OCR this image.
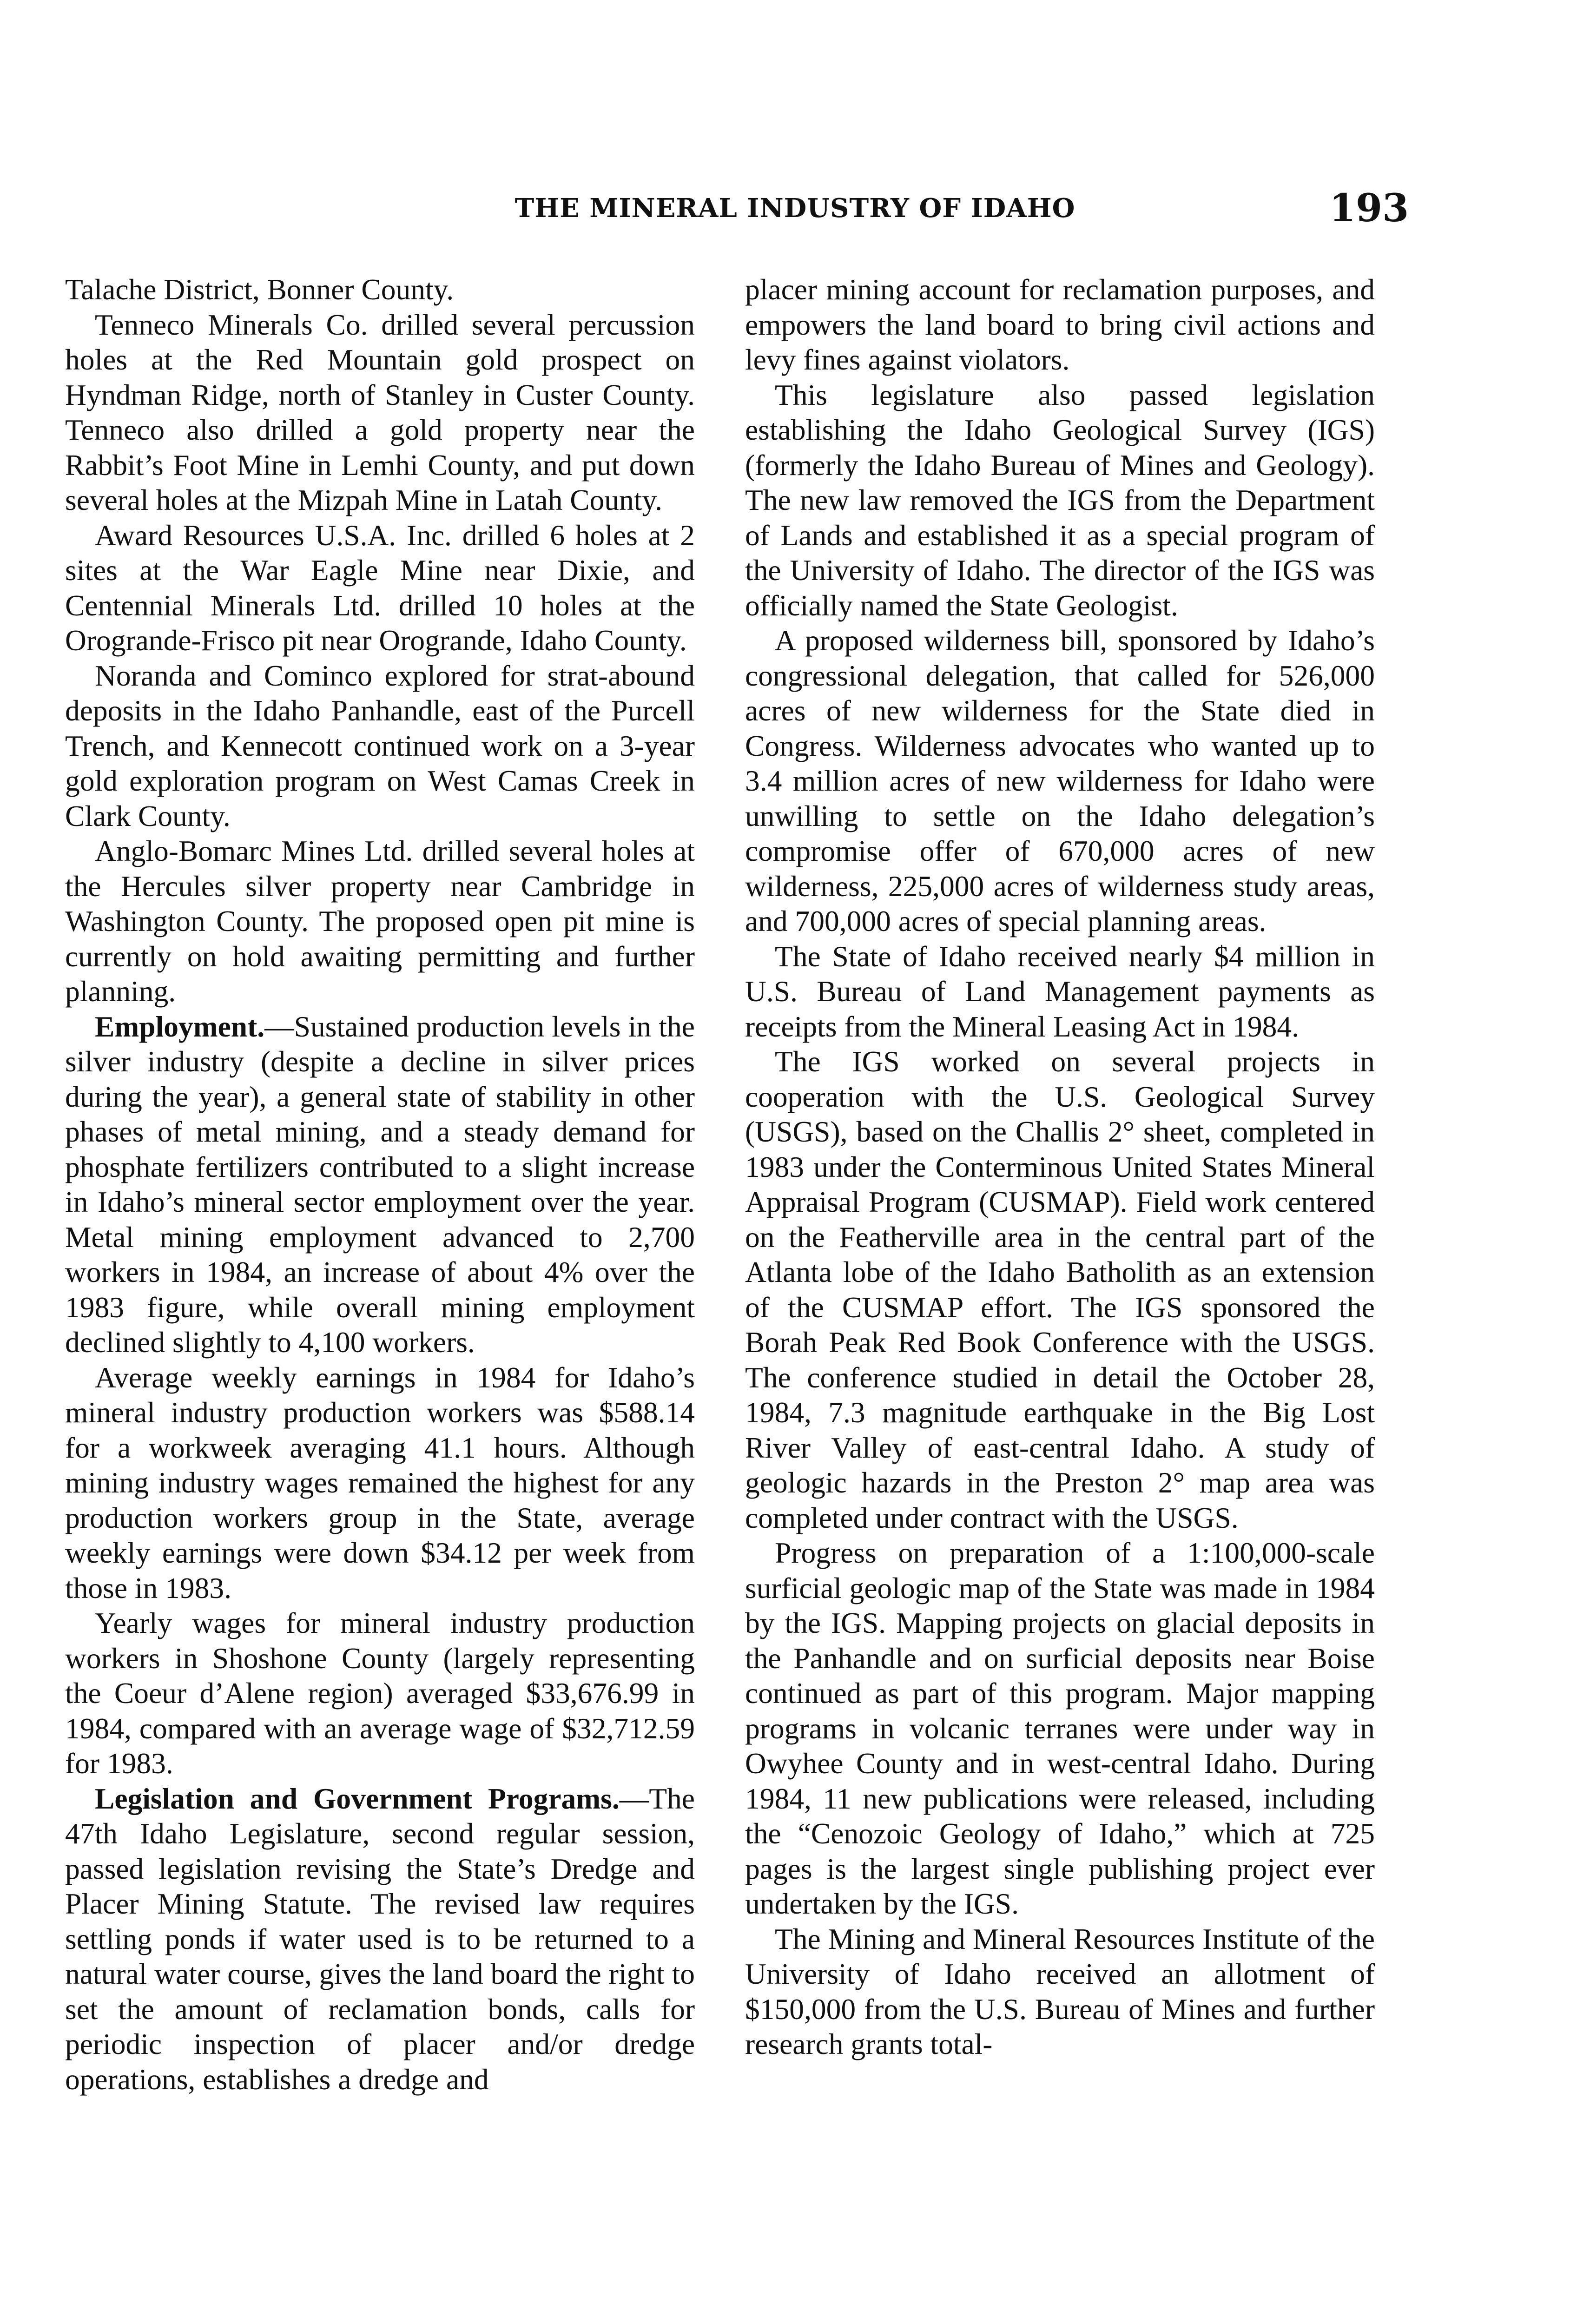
THE MINERAL INDUSTRY OF IDAHO	193

Talache District, Bonner County.

Tenneco Minerals Co. drilled several percussion holes at the Red Mountain gold prospect on Hyndman Ridge, north of Stanley in Custer County. Tenneco also drilled a gold property near the Rabbit’s Foot Mine in Lemhi County, and put down several holes at the Mizpah Mine in Latah County.

Award Resources U.S.A. Inc. drilled 6 holes at 2 sites at the War Eagle Mine near Dixie, and Centennial Minerals Ltd. drilled 10 holes at the Orogrande-Frisco pit near Orogrande, Idaho County.

Noranda and Cominco explored for strat-abound deposits in the Idaho Panhandle, east of the Purcell Trench, and Kennecott continued work on a 3-year gold exploration program on West Camas Creek in Clark County.

Anglo-Bomarc Mines Ltd. drilled several holes at the Hercules silver property near Cambridge in Washington County. The proposed open pit mine is currently on hold awaiting permitting and further planning.

Employment.—Sustained production levels in the silver industry (despite a decline in silver prices during the year), a general state of stability in other phases of metal mining, and a steady demand for phosphate fertilizers contributed to a slight increase in Idaho’s mineral sector employment over the year. Metal mining employment advanced to 2,700 workers in 1984, an increase of about 4% over the 1983 figure, while overall mining employment declined slightly to 4,100 workers.

Average weekly earnings in 1984 for Idaho’s mineral industry production workers was $588.14 for a workweek averaging 41.1 hours. Although mining industry wages remained the highest for any production workers group in the State, average weekly earnings were down $34.12 per week from those in 1983.

Yearly wages for mineral industry production workers in Shoshone County (largely representing the Coeur d’Alene region) averaged $33,676.99 in 1984, compared with an average wage of $32,712.59 for 1983.

Legislation and Government Programs.—The 47th Idaho Legislature, second regular session, passed legislation revising the State’s Dredge and Placer Mining Statute. The revised law requires settling ponds if water used is to be returned to a natural water course, gives the land board the right to set the amount of reclamation bonds, calls for periodic inspection of placer and/or dredge operations, establishes a dredge and

placer mining account for reclamation purposes, and empowers the land board to bring civil actions and levy fines against violators.

This legislature also passed legislation establishing the Idaho Geological Survey (IGS) (formerly the Idaho Bureau of Mines and Geology). The new law removed the IGS from the Department of Lands and established it as a special program of the University of Idaho. The director of the IGS was officially named the State Geologist.

A proposed wilderness bill, sponsored by Idaho’s congressional delegation, that called for 526,000 acres of new wilderness for the State died in Congress. Wilderness advocates who wanted up to 3.4 million acres of new wilderness for Idaho were unwilling to settle on the Idaho delegation’s compromise offer of 670,000 acres of new wilderness, 225,000 acres of wilderness study areas, and 700,000 acres of special planning areas.

The State of Idaho received nearly $4 million in U.S. Bureau of Land Management payments as receipts from the Mineral Leasing Act in 1984.

The IGS worked on several projects in cooperation with the U.S. Geological Survey (USGS), based on the Challis 2° sheet, completed in 1983 under the Conterminous United States Mineral Appraisal Program (CUSMAP). Field work centered on the Featherville area in the central part of the Atlanta lobe of the Idaho Batholith as an extension of the CUSMAP effort. The IGS sponsored the Borah Peak Red Book Conference with the USGS. The conference studied in detail the October 28, 1984, 7.3 magnitude earthquake in the Big Lost River Valley of east-central Idaho. A study of geologic hazards in the Preston 2° map area was completed under contract with the USGS.

Progress on preparation of a 1:100,000-scale surficial geologic map of the State was made in 1984 by the IGS. Mapping projects on glacial deposits in the Panhandle and on surficial deposits near Boise continued as part of this program. Major mapping programs in volcanic terranes were under way in Owyhee County and in west-central Idaho. During 1984, 11 new publications were released, including the “Cenozoic Geology of Idaho,” which at 725 pages is the largest single publishing project ever undertaken by the IGS.

The Mining and Mineral Resources Institute of the University of Idaho received an allotment of $150,000 from the U.S. Bureau of Mines and further research grants total-
